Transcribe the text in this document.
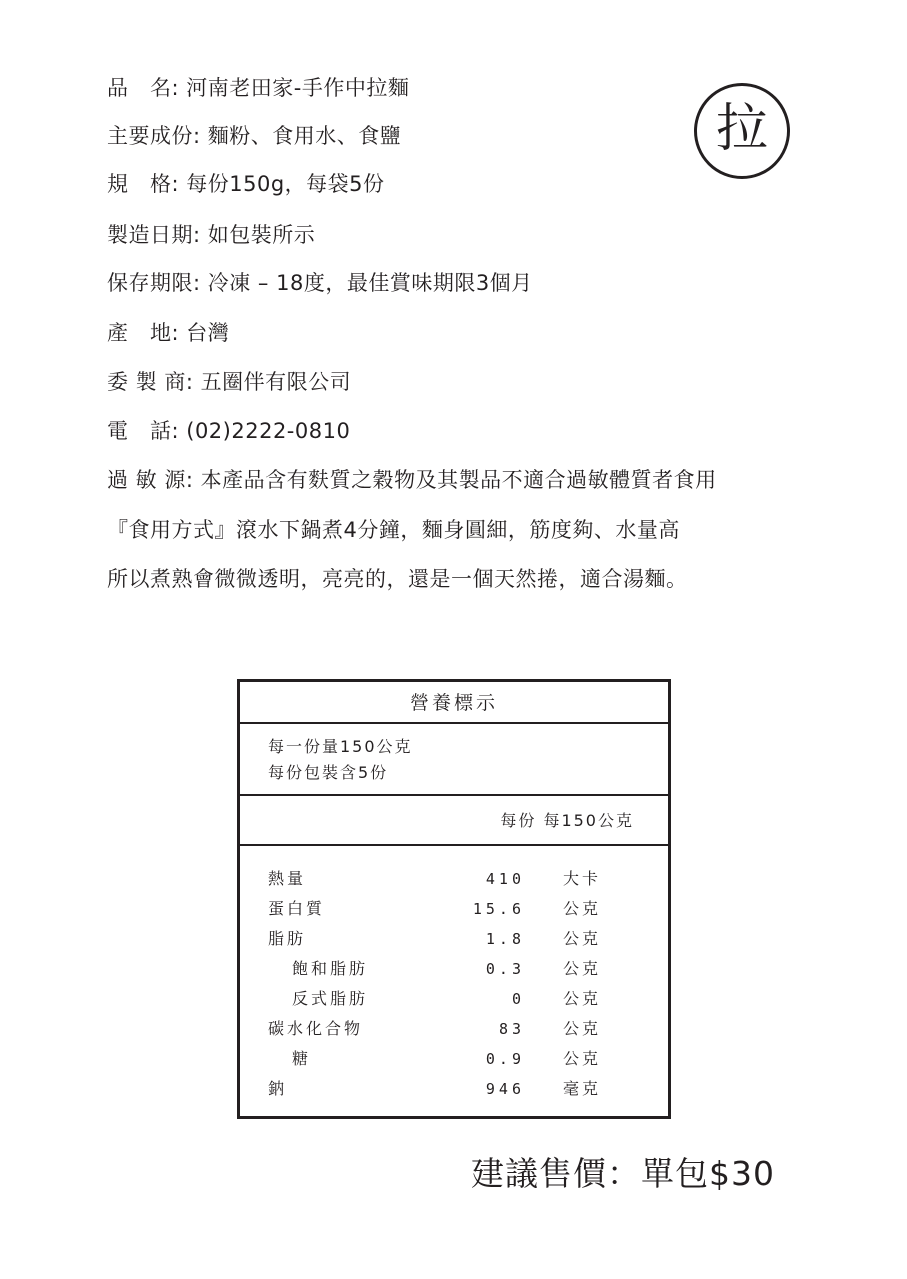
品　名: 河南老田家-手作中拉麵
主要成份: 麵粉、食用水、食鹽
規　格: 每份150g，每袋5份
製造日期: 如包裝所示
保存期限: 冷凍 – 18度，最佳賞味期限3個月
產　地: 台灣
委 製 商: 五圈伴有限公司
電　話: (02)2222-0810
過 敏 源: 本產品含有麩質之穀物及其製品不適合過敏體質者食用
『食用方式』滾水下鍋煮4分鐘，麵身圓細，筋度夠、水量高
所以煮熟會微微透明，亮亮的，還是一個天然捲，適合湯麵。
拉
營養標示
每一份量150公克
每份包裝含5份
每份 每150公克
熱量	410 大卡
蛋白質	15.6 公克
脂肪	1.8 公克
飽和脂肪	0.3 公克
反式脂肪	0 公克
碳水化合物	83 公克
糖	0.9 公克
鈉	946 毫克
建議售價：單包$30
